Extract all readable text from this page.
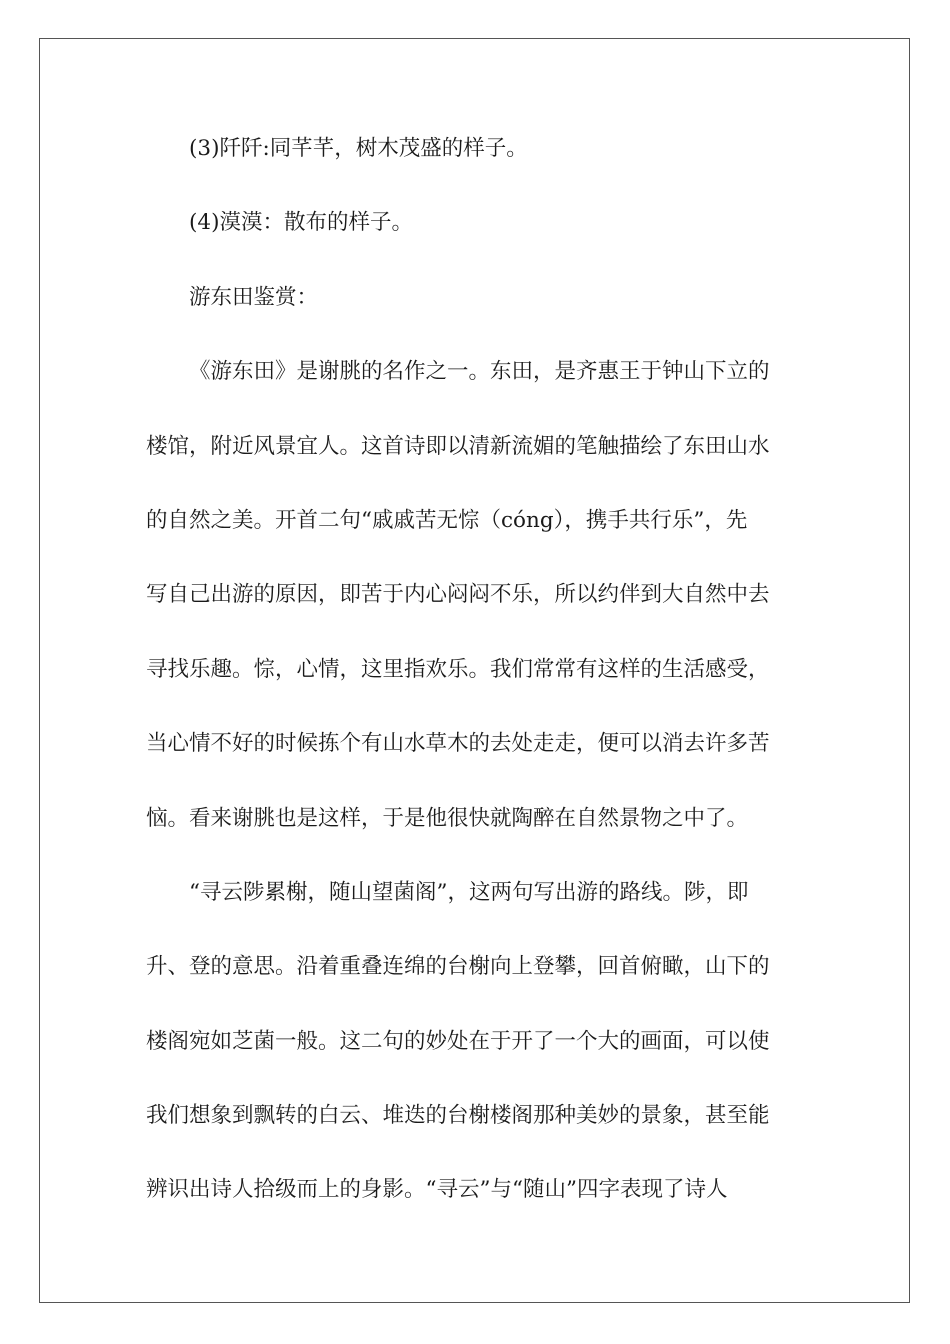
(3)阡阡:同芊芊，树木茂盛的样子。
(4)漠漠：散布的样子。
游东田鉴赏：
《游东田》是谢朓的名作之一。东田，是齐惠王于钟山下立的
楼馆，附近风景宜人。这首诗即以清新流媚的笔触描绘了东田山水
的自然之美。开首二句“戚戚苦无悰（cóng），携手共行乐”，先
写自己出游的原因，即苦于内心闷闷不乐，所以约伴到大自然中去
寻找乐趣。悰，心情，这里指欢乐。我们常常有这样的生活感受，
当心情不好的时候拣个有山水草木的去处走走，便可以消去许多苦
恼。看来谢朓也是这样，于是他很快就陶醉在自然景物之中了。
“寻云陟累榭，随山望菌阁”，这两句写出游的路线。陟，即
升、登的意思。沿着重叠连绵的台榭向上登攀，回首俯瞰，山下的
楼阁宛如芝菌一般。这二句的妙处在于开了一个大的画面，可以使
我们想象到飘转的白云、堆迭的台榭楼阁那种美妙的景象，甚至能
辨识出诗人拾级而上的身影。“寻云”与“随山”四字表现了诗人
